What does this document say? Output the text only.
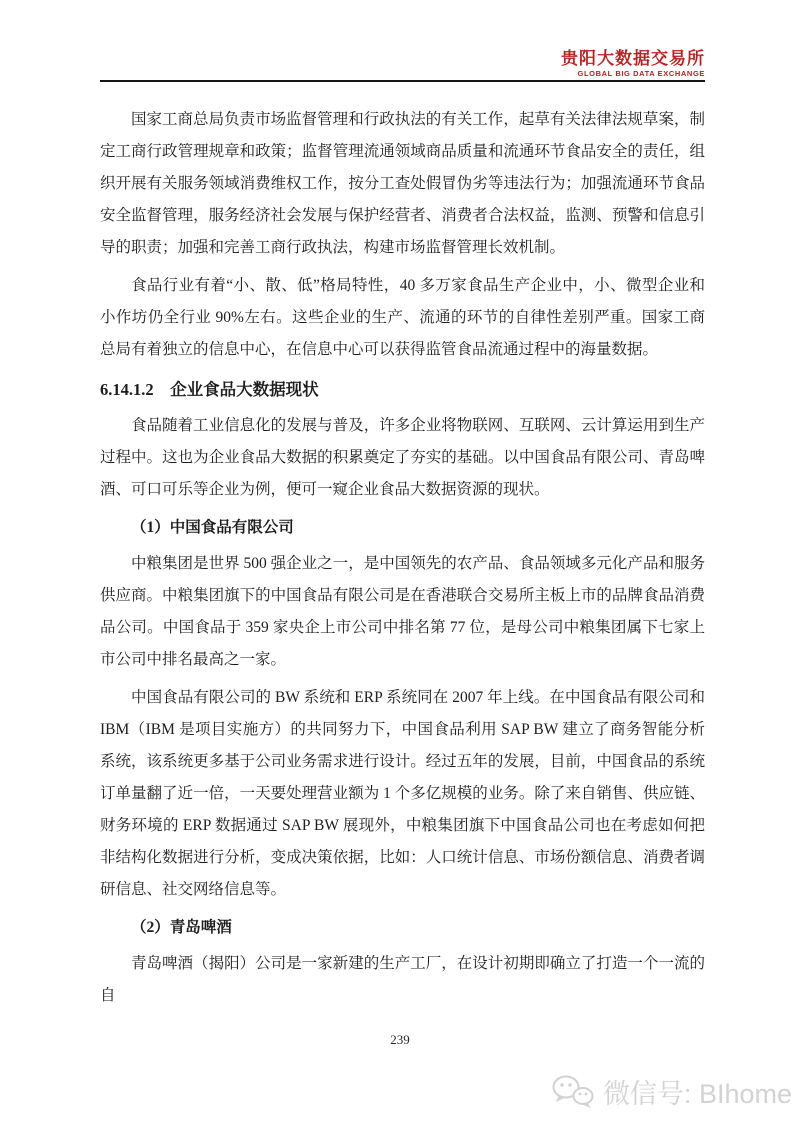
贵阳大数据交易所
GLOBAL BIG DATA EXCHANGE

国家工商总局负责市场监督管理和行政执法的有关工作，起草有关法律法规草案，制定工商行政管理规章和政策；监督管理流通领域商品质量和流通环节食品安全的责任，组织开展有关服务领域消费维权工作，按分工查处假冒伪劣等违法行为；加强流通环节食品安全监督管理，服务经济社会发展与保护经营者、消费者合法权益，监测、预警和信息引导的职责；加强和完善工商行政执法，构建市场监督管理长效机制。

食品行业有着“小、散、低”格局特性，40 多万家食品生产企业中，小、微型企业和小作坊仍全行业 90%左右。这些企业的生产、流通的环节的自律性差别严重。国家工商总局有着独立的信息中心，在信息中心可以获得监管食品流通过程中的海量数据。

6.14.1.2　企业食品大数据现状

食品随着工业信息化的发展与普及，许多企业将物联网、互联网、云计算运用到生产过程中。这也为企业食品大数据的积累奠定了夯实的基础。以中国食品有限公司、青岛啤酒、可口可乐等企业为例，便可一窥企业食品大数据资源的现状。

（1）中国食品有限公司

中粮集团是世界 500 强企业之一，是中国领先的农产品、食品领域多元化产品和服务供应商。中粮集团旗下的中国食品有限公司是在香港联合交易所主板上市的品牌食品消费品公司。中国食品于 359 家央企上市公司中排名第 77 位，是母公司中粮集团属下七家上市公司中排名最高之一家。

中国食品有限公司的 BW 系统和 ERP 系统同在 2007 年上线。在中国食品有限公司和 IBM（IBM 是项目实施方）的共同努力下，中国食品利用 SAP BW 建立了商务智能分析系统，该系统更多基于公司业务需求进行设计。经过五年的发展，目前，中国食品的系统订单量翻了近一倍，一天要处理营业额为 1 个多亿规模的业务。除了来自销售、供应链、财务环境的 ERP 数据通过 SAP BW 展现外，中粮集团旗下中国食品公司也在考虑如何把非结构化数据进行分析，变成决策依据，比如：人口统计信息、市场份额信息、消费者调研信息、社交网络信息等。

（2）青岛啤酒

青岛啤酒（揭阳）公司是一家新建的生产工厂，在设计初期即确立了打造一个一流的自

239
微信号: BIhome
